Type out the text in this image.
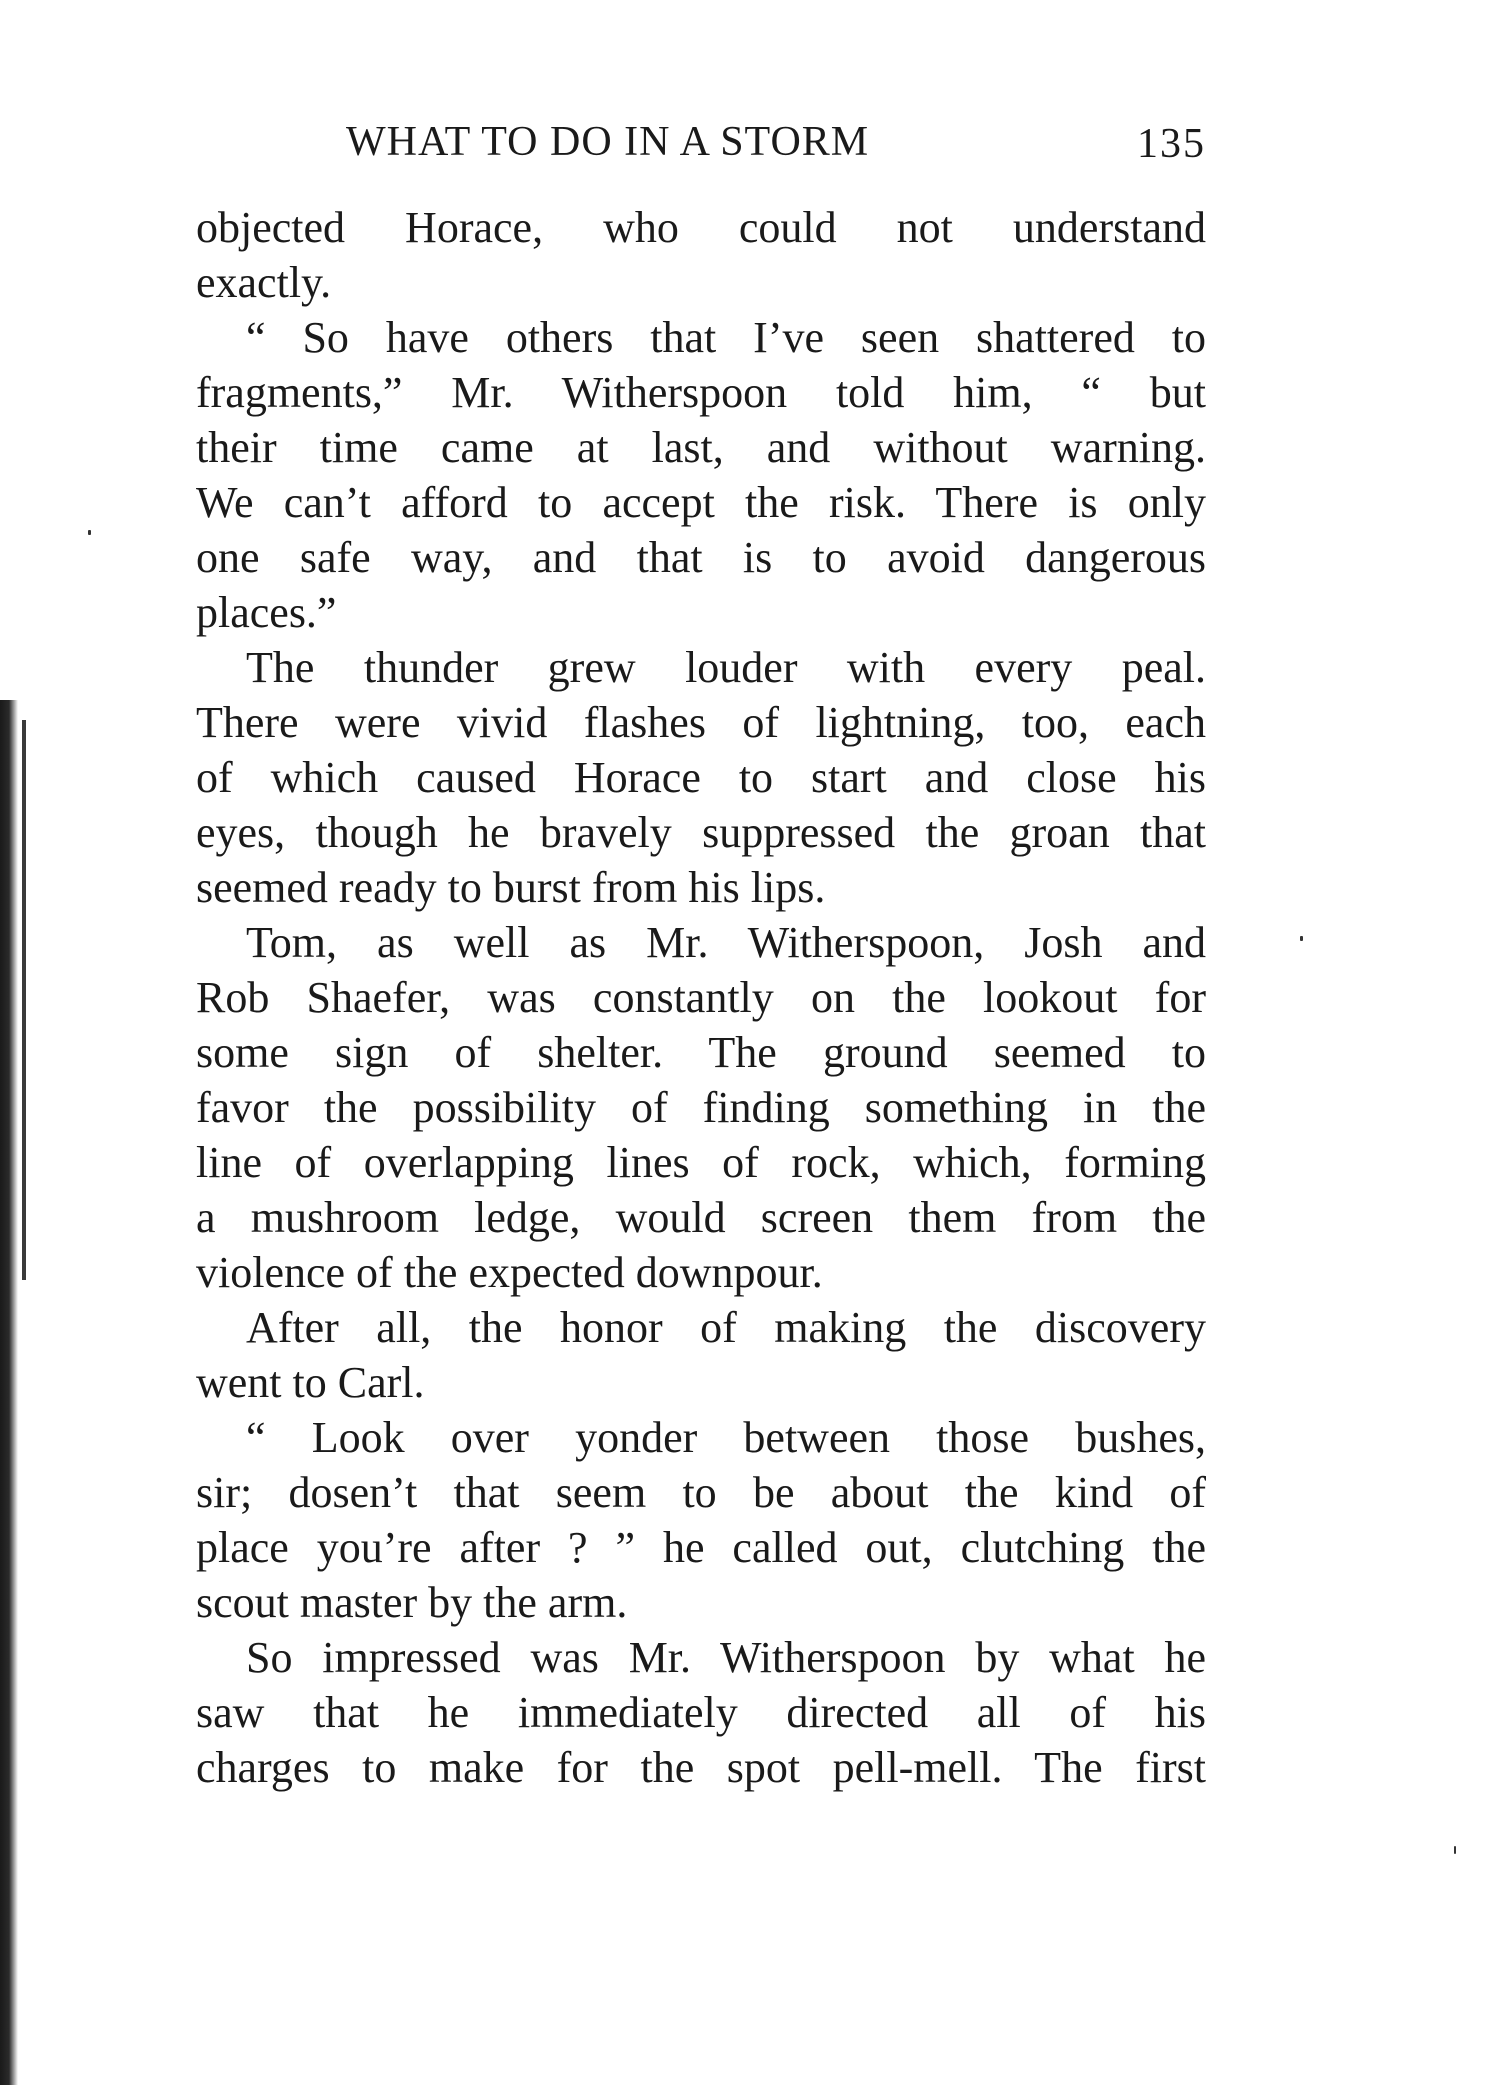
WHAT TO DO IN A STORM	135
objected Horace, who could not understand
exactly.
“ So have others that I’ve seen shattered to
fragments,” Mr. Witherspoon told him, “ but
their time came at last, and without warning.
We can’t afford to accept the risk. There is only
one safe way, and that is to avoid dangerous
places.”
The thunder grew louder with every peal.
There were vivid flashes of lightning, too, each
of which caused Horace to start and close his
eyes, though he bravely suppressed the groan that
seemed ready to burst from his lips.
Tom, as well as Mr. Witherspoon, Josh and
Rob Shaefer, was constantly on the lookout for
some sign of shelter. The ground seemed to
favor the possibility of finding something in the
line of overlapping lines of rock, which, forming
a mushroom ledge, would screen them from the
violence of the expected downpour.
After all, the honor of making the discovery
went to Carl.
“ Look over yonder between those bushes,
sir; dosen’t that seem to be about the kind of
place you’re after ? ” he called out, clutching the
scout master by the arm.
So impressed was Mr. Witherspoon by what he
saw that he immediately directed all of his
charges to make for the spot pell-mell. The first
